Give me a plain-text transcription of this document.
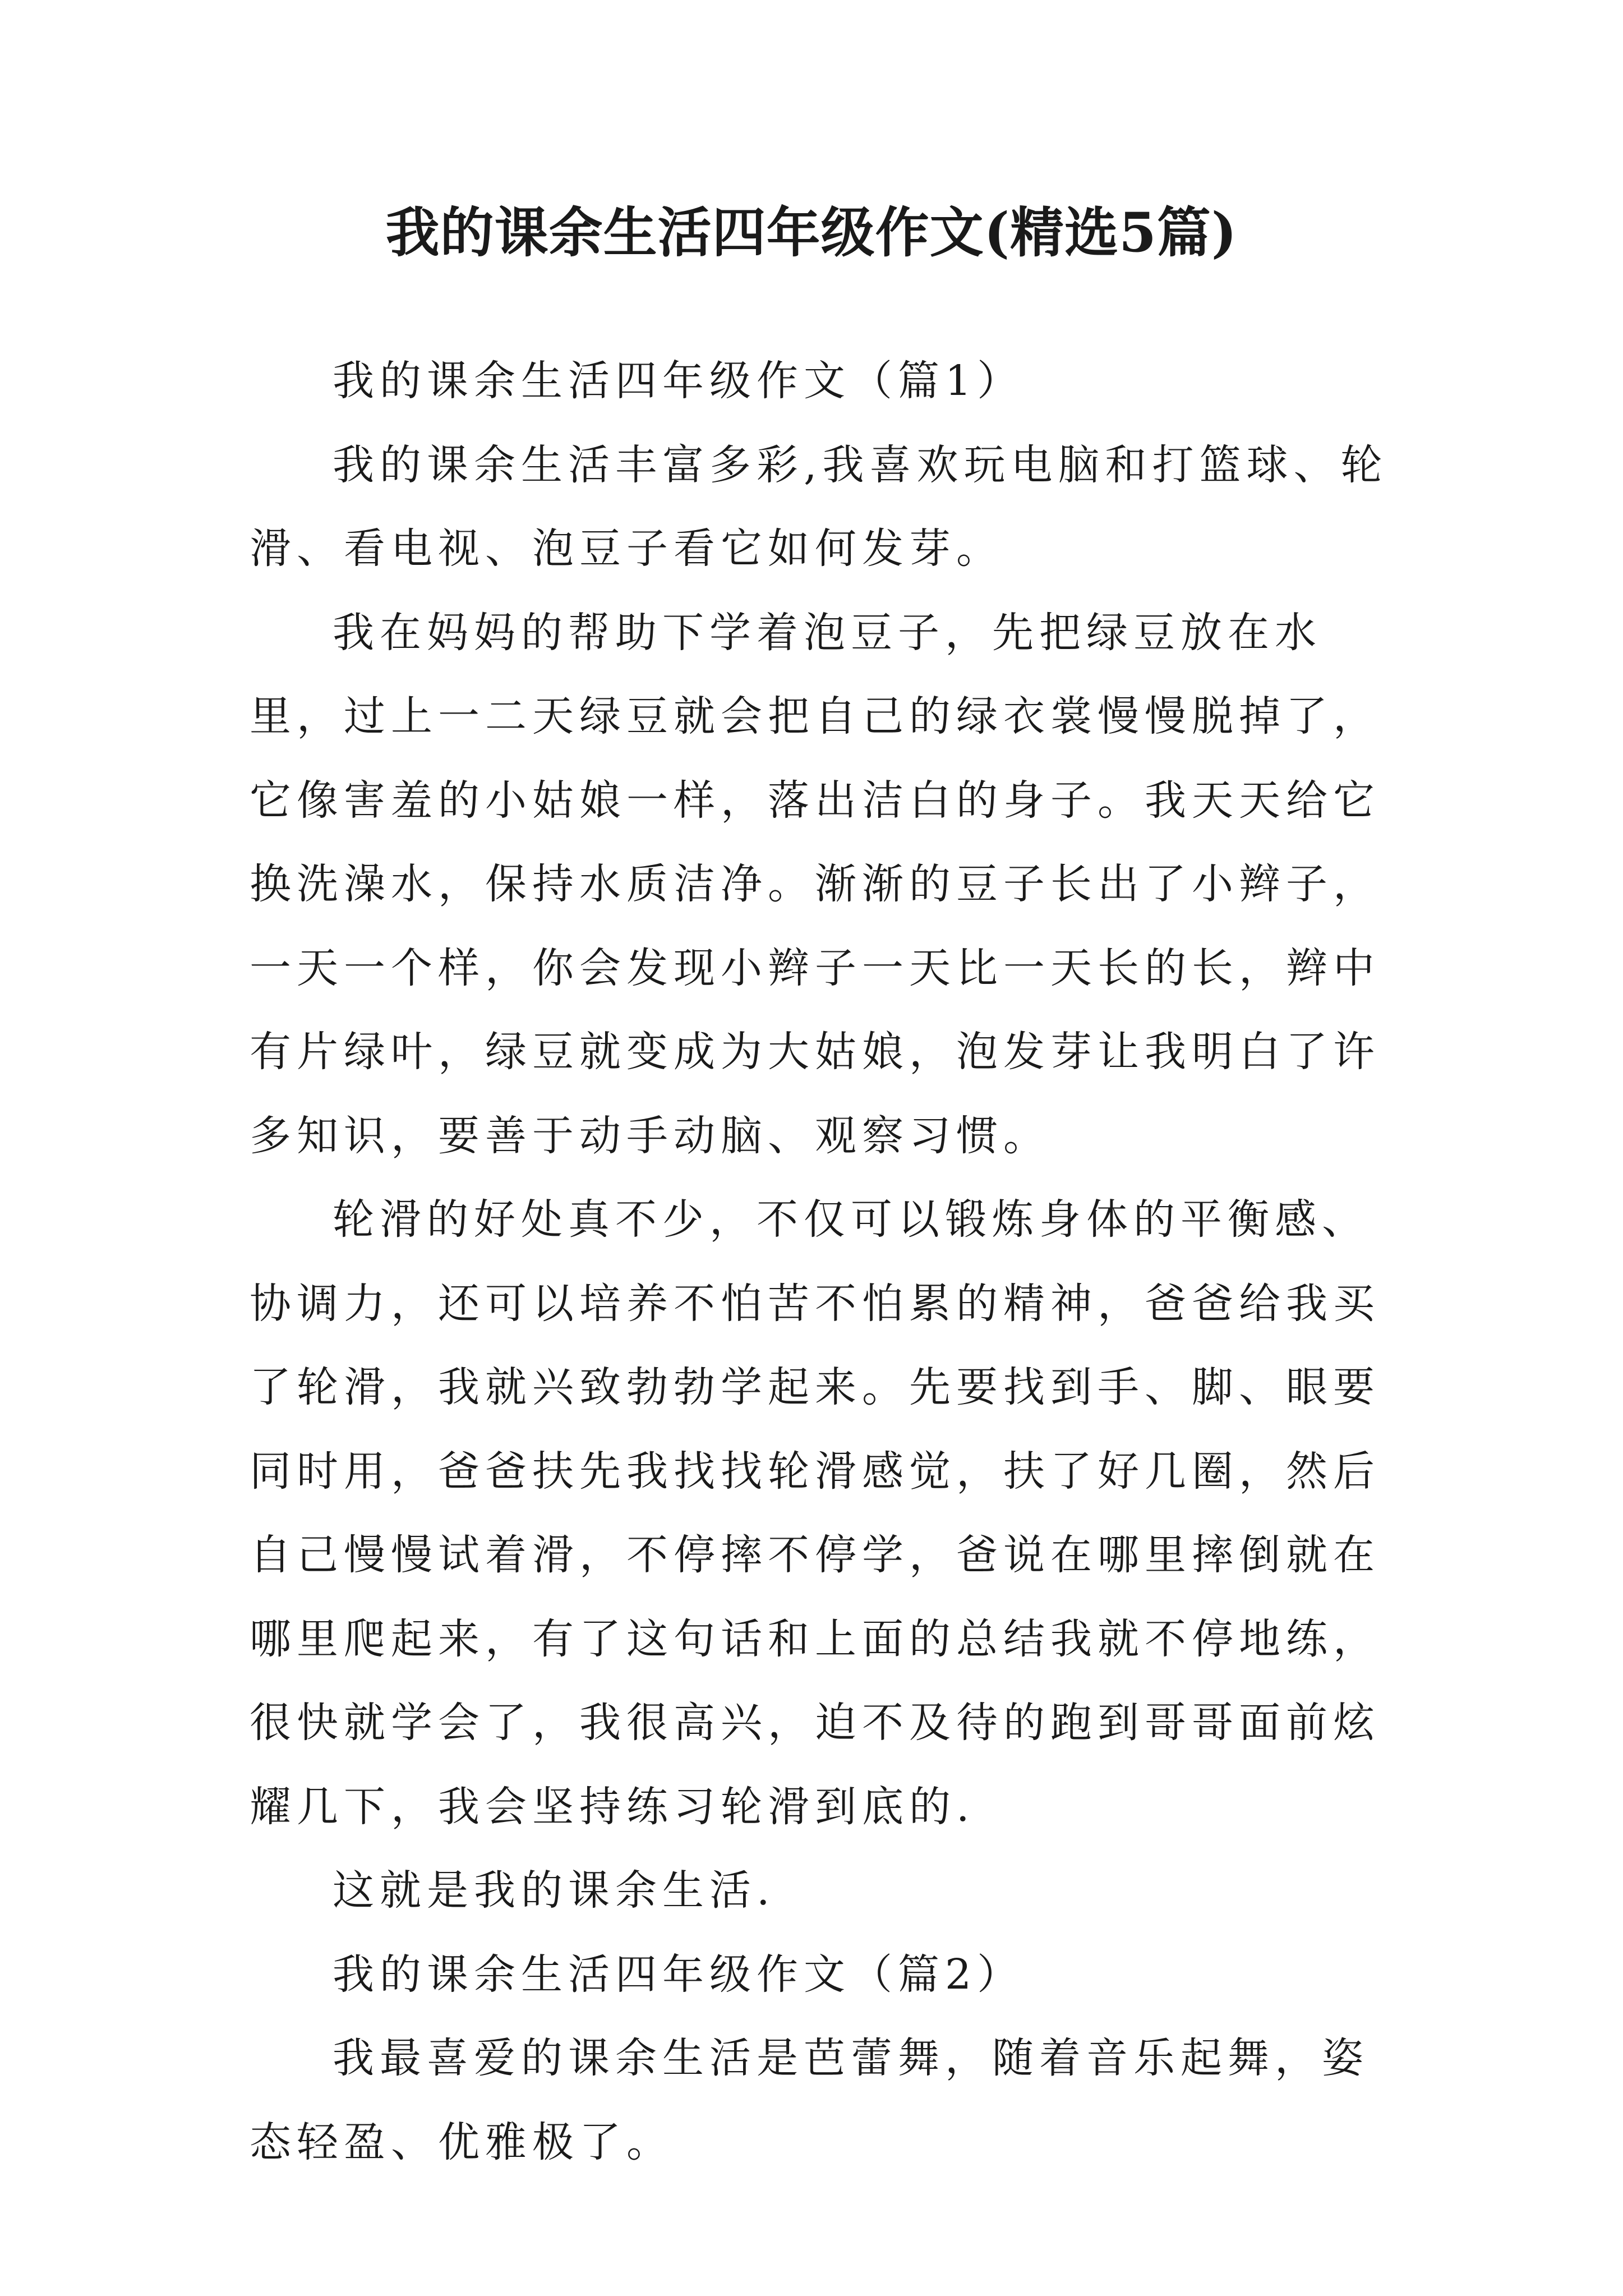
我的课余生活四年级作文(精选5篇)

我的课余生活四年级作文（篇1）

我的课余生活丰富多彩,我喜欢玩电脑和打篮球、轮滑、看电视、泡豆子看它如何发芽。

我在妈妈的帮助下学着泡豆子，先把绿豆放在水里，过上一二天绿豆就会把自己的绿衣裳慢慢脱掉了，它像害羞的小姑娘一样，落出洁白的身子。我天天给它换洗澡水，保持水质洁净。渐渐的豆子长出了小辫子，一天一个样，你会发现小辫子一天比一天长的长，辫中有片绿叶，绿豆就变成为大姑娘，泡发芽让我明白了许多知识，要善于动手动脑、观察习惯。

轮滑的好处真不少，不仅可以锻炼身体的平衡感、协调力，还可以培养不怕苦不怕累的精神，爸爸给我买了轮滑，我就兴致勃勃学起来。先要找到手、脚、眼要同时用，爸爸扶先我找找轮滑感觉，扶了好几圈，然后自己慢慢试着滑，不停摔不停学，爸说在哪里摔倒就在哪里爬起来，有了这句话和上面的总结我就不停地练，很快就学会了，我很高兴，迫不及待的跑到哥哥面前炫耀几下，我会坚持练习轮滑到底的.

这就是我的课余生活.

我的课余生活四年级作文（篇2）

我最喜爱的课余生活是芭蕾舞，随着音乐起舞，姿态轻盈、优雅极了。
